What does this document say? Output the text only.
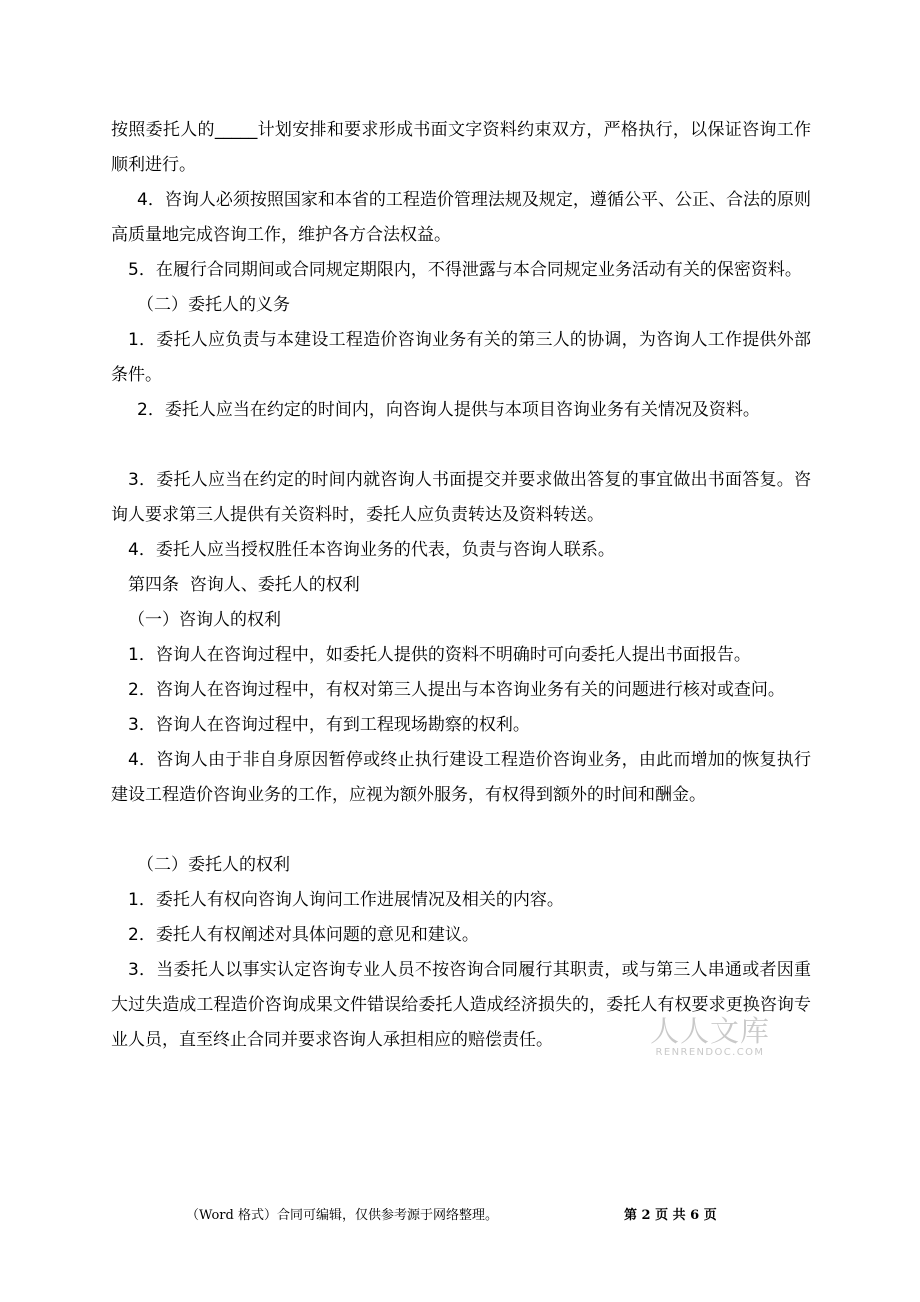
按照委托人的_____计划安排和要求形成书面文字资料约束双方，严格执行，以保证咨询工作顺利进行。

4．咨询人必须按照国家和本省的工程造价管理法规及规定，遵循公平、公正、合法的原则高质量地完成咨询工作，维护各方合法权益。

5．在履行合同期间或合同规定期限内，不得泄露与本合同规定业务活动有关的保密资料。

（二）委托人的义务

1．委托人应负责与本建设工程造价咨询业务有关的第三人的协调，为咨询人工作提供外部条件。

2．委托人应当在约定的时间内，向咨询人提供与本项目咨询业务有关情况及资料。

3．委托人应当在约定的时间内就咨询人书面提交并要求做出答复的事宜做出书面答复。咨询人要求第三人提供有关资料时，委托人应负责转达及资料转送。

4．委托人应当授权胜任本咨询业务的代表，负责与咨询人联系。

第四条  咨询人、委托人的权利

（一）咨询人的权利

1．咨询人在咨询过程中，如委托人提供的资料不明确时可向委托人提出书面报告。

2．咨询人在咨询过程中，有权对第三人提出与本咨询业务有关的问题进行核对或查问。

3．咨询人在咨询过程中，有到工程现场勘察的权利。

4．咨询人由于非自身原因暂停或终止执行建设工程造价咨询业务，由此而增加的恢复执行建设工程造价咨询业务的工作，应视为额外服务，有权得到额外的时间和酬金。

（二）委托人的权利

1．委托人有权向咨询人询问工作进展情况及相关的内容。

2．委托人有权阐述对具体问题的意见和建议。

3．当委托人以事实认定咨询专业人员不按咨询合同履行其职责，或与第三人串通或者因重大过失造成工程造价咨询成果文件错误给委托人造成经济损失的，委托人有权要求更换咨询专业人员，直至终止合同并要求咨询人承担相应的赔偿责任。	人人文库
RENRENDOC.COM
（Word 格式）合同可编辑，仅供参考源于网络整理。	第 2 页 共 6 页
